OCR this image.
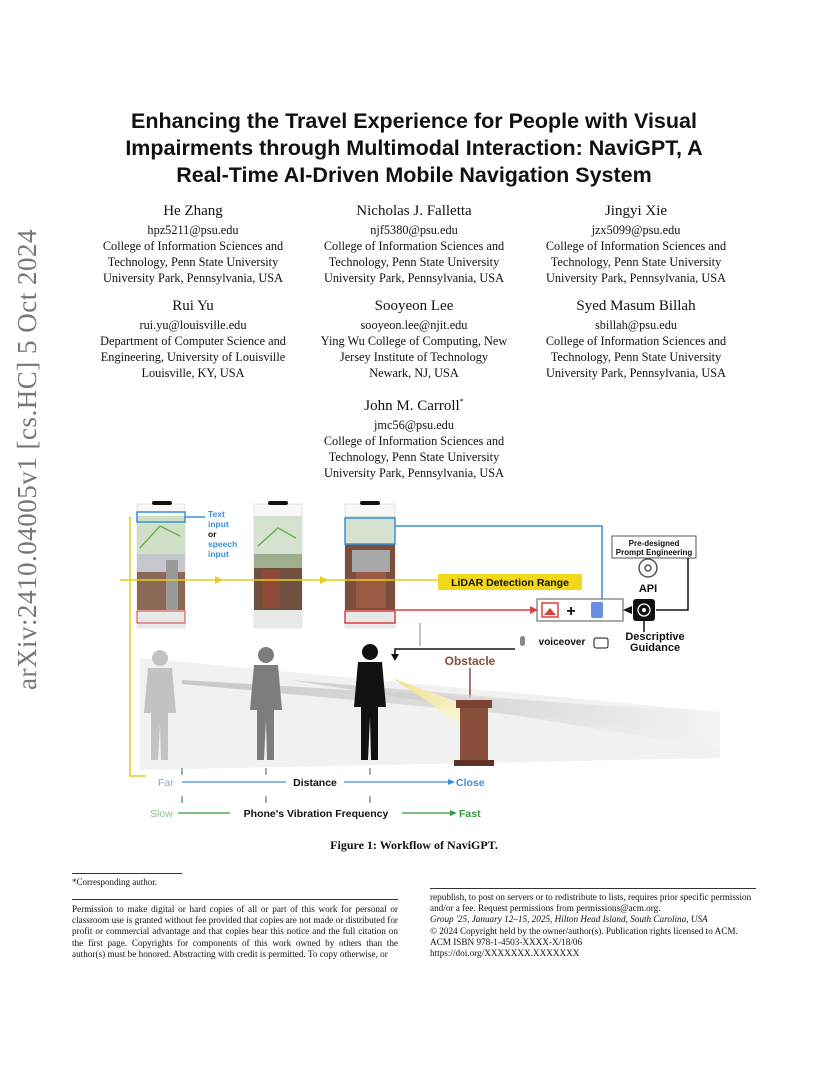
arXiv:2410.04005v1 [cs.HC] 5 Oct 2024
Enhancing the Travel Experience for People with Visual
Impairments through Multimodal Interaction: NaviGPT, A
Real-Time AI-Driven Mobile Navigation System
He Zhang
hpz5211@psu.edu
College of Information Sciences and
Technology, Penn State University
University Park, Pennsylvania, USA
Nicholas J. Falletta
njf5380@psu.edu
College of Information Sciences and
Technology, Penn State University
University Park, Pennsylvania, USA
Jingyi Xie
jzx5099@psu.edu
College of Information Sciences and
Technology, Penn State University
University Park, Pennsylvania, USA
Rui Yu
rui.yu@louisville.edu
Department of Computer Science and
Engineering, University of Louisville
Louisville, KY, USA
Sooyeon Lee
sooyeon.lee@njit.edu
Ying Wu College of Computing, New
Jersey Institute of Technology
Newark, NJ, USA
Syed Masum Billah
sbillah@psu.edu
College of Information Sciences and
Technology, Penn State University
University Park, Pennsylvania, USA
John M. Carroll*
jmc56@psu.edu
College of Information Sciences and
Technology, Penn State University
University Park, Pennsylvania, USA
Text
input
or
speech
input
LiDAR Detection Range
+
API
Pre-designed
Prompt Engineering
Descriptive
Guidance
voiceover
Obstacle
Far	Distance	Close
Slow	Phone's Vibration Frequency	Fast
Figure 1: Workflow of NaviGPT.
*Corresponding author.
Permission to make digital or hard copies of all or part of this work for personal or classroom use is granted without fee provided that copies are not made or distributed for profit or commercial advantage and that copies bear this notice and the full citation on the first page. Copyrights for components of this work owned by others than the author(s) must be honored. Abstracting with credit is permitted. To copy otherwise, or
republish, to post on servers or to redistribute to lists, requires prior specific permission
and/or a fee. Request permissions from permissions@acm.org.
Group '25, January 12–15, 2025, Hilton Head Island, South Carolina, USA
© 2024 Copyright held by the owner/author(s). Publication rights licensed to ACM.
ACM ISBN 978-1-4503-XXXX-X/18/06
https://doi.org/XXXXXXX.XXXXXXX
